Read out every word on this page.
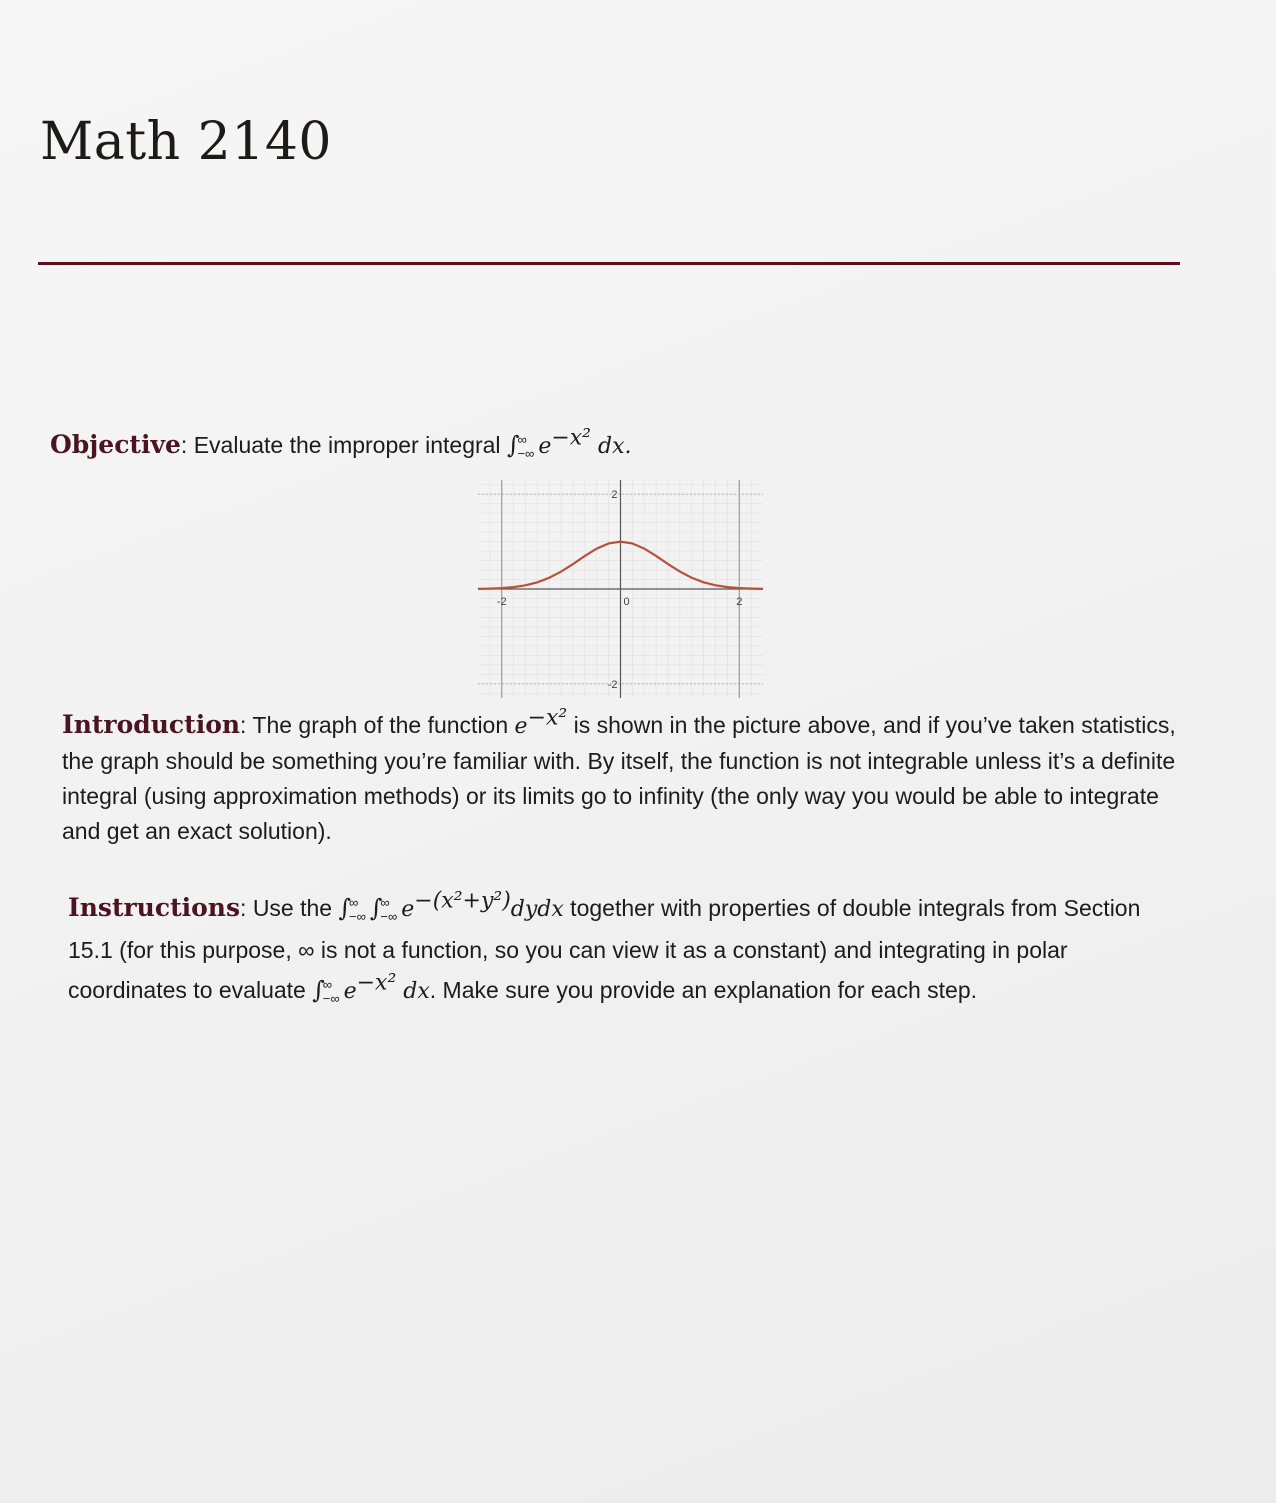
Math 2140

Objective: Evaluate the improper integral ∫
∞
−∞ $e^{-x^2}$ dx.

-2	0	2
2
-2

Introduction: The graph of the function $e^{-x^2}$ is shown in the picture above, and if you’ve taken statistics, the graph should be something you’re familiar with. By itself, the function is not integrable unless it’s a definite integral (using approximation methods) or its limits go to infinity (the only way you would be able to integrate and get an exact solution).

Instructions: Use the ∫
∞
−∞ ∫
∞
−∞ $e^{-(x^2+y^2)}dydx$ together with properties of double integrals from Section 15.1 (for this purpose, ∞ is not a function, so you can view it as a constant) and integrating in polar coordinates to evaluate ∫
∞
−∞ $e^{-x^2}$ dx. Make sure you provide an explanation for each step.
